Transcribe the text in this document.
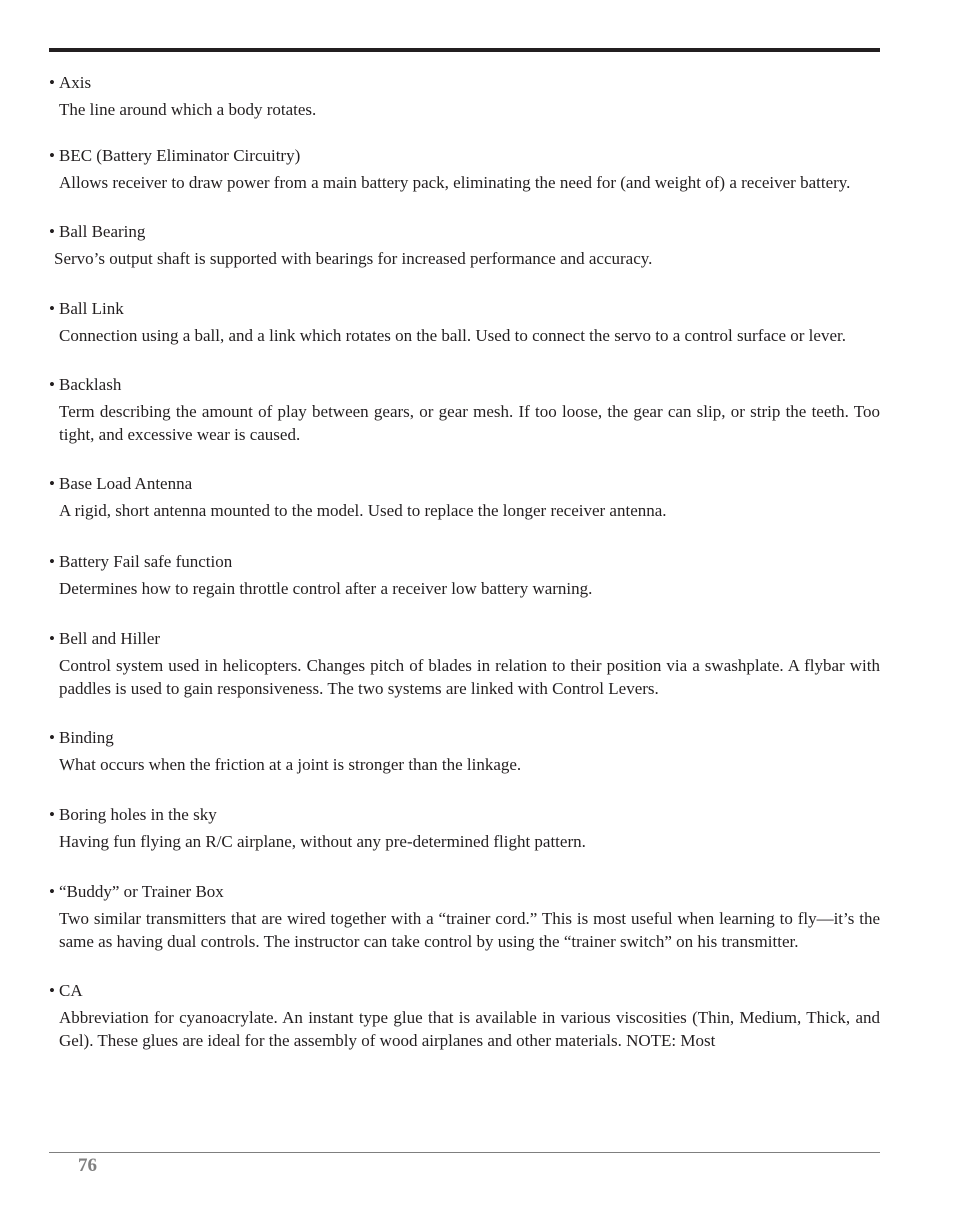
• Axis
The line around which a body rotates.
• BEC (Battery Eliminator Circuitry)
Allows receiver to draw power from a main battery pack, eliminating the need for (and weight of) a receiver battery.
• Ball Bearing
Servo’s output shaft is supported with bearings for increased performance and accuracy.
• Ball Link
Connection using a ball, and a link which rotates on the ball. Used to connect the servo to a control surface or lever.
• Backlash
Term describing the amount of play between gears, or gear mesh. If too loose, the gear can slip, or strip the teeth. Too tight, and excessive wear is caused.
• Base Load Antenna
A rigid, short antenna mounted to the model. Used to replace the longer receiver antenna.
• Battery Fail safe function
Determines how to regain throttle control after a receiver low battery warning.
• Bell and Hiller
Control system used in helicopters. Changes pitch of blades in relation to their position via a swashplate. A flybar with paddles is used to gain responsiveness. The two systems are linked with Control Levers.
• Binding
What occurs when the friction at a joint is stronger than the linkage.
• Boring holes in the sky
Having fun flying an R/C airplane, without any pre-determined flight pattern.
• “Buddy” or Trainer Box
Two similar transmitters that are wired together with a “trainer cord.” This is most useful when learning to fly—it’s the same as having dual controls. The instructor can take control by using the “trainer switch” on his transmitter.
• CA
Abbreviation for cyanoacrylate. An instant type glue that is available in various viscosities (Thin, Medium, Thick, and Gel). These glues are ideal for the assembly of wood airplanes and other materials. NOTE: Most
76
